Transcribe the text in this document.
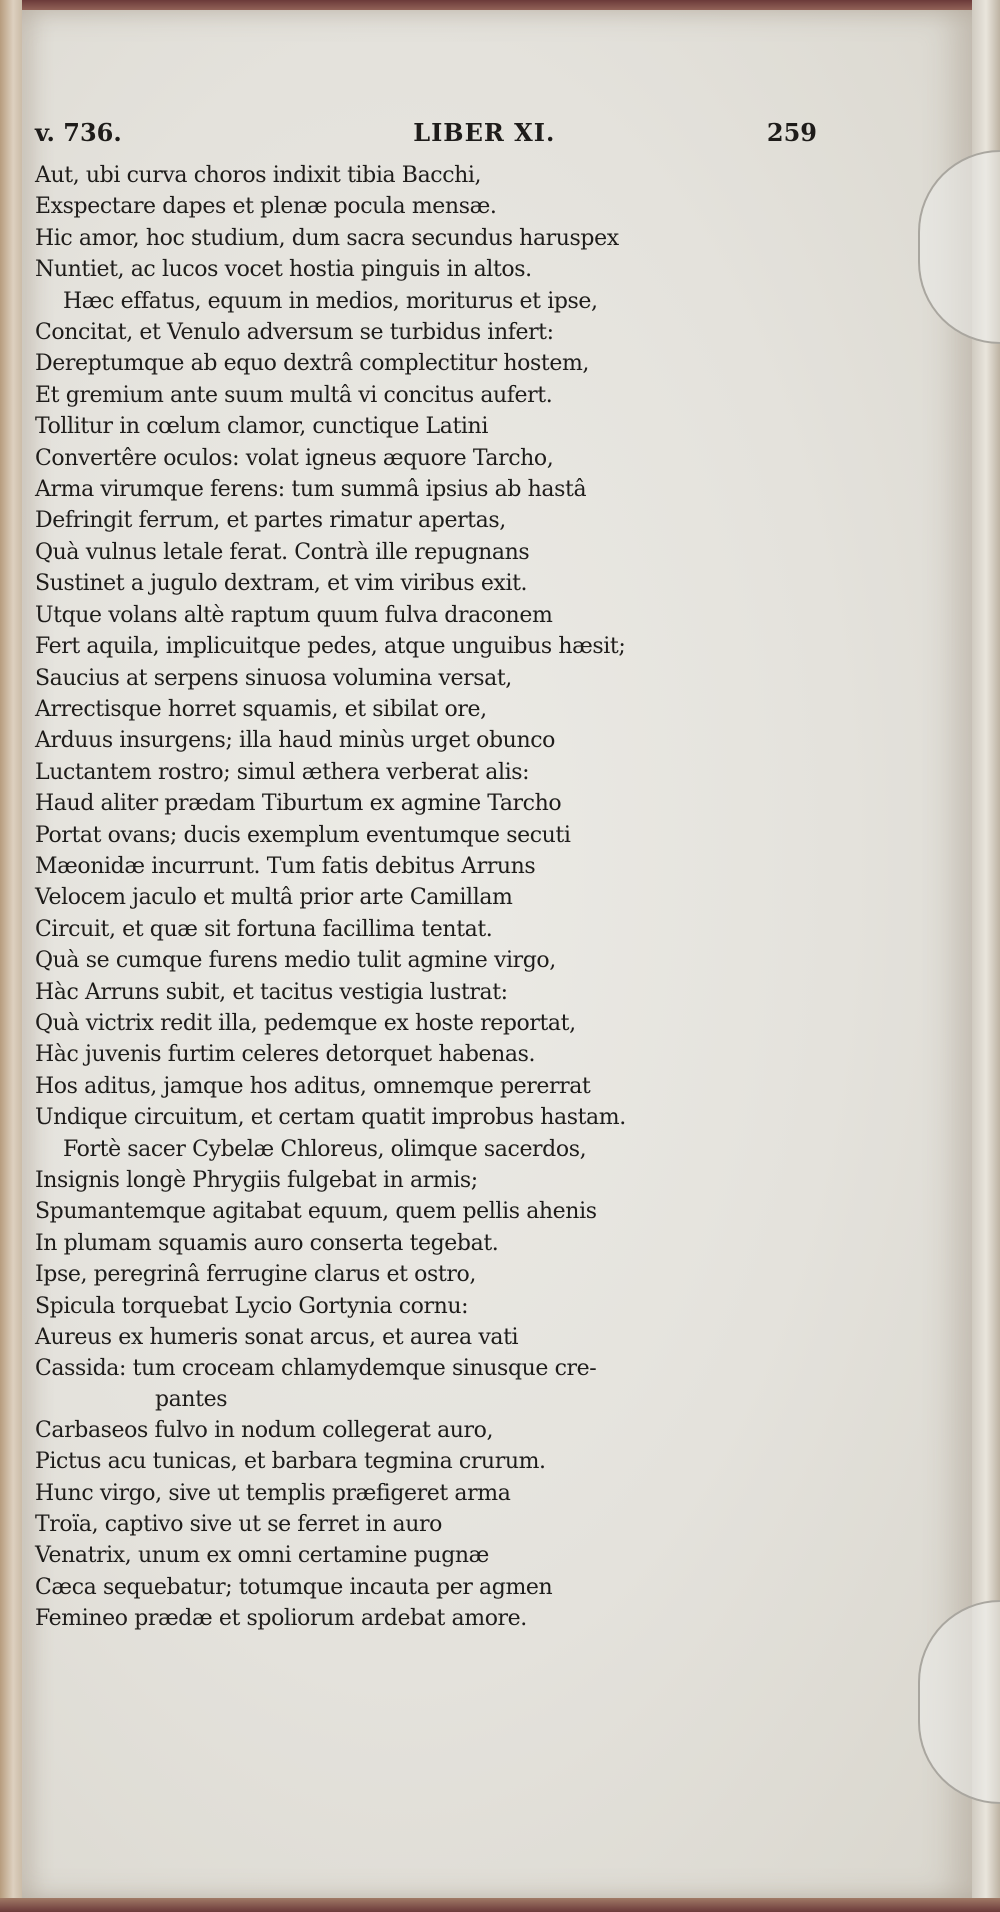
v. 736.	LIBER XI.	259
Aut, ubi curva choros indixit tibia Bacchi,
Exspectare dapes et plenæ pocula mensæ.
Hic amor, hoc studium, dum sacra secundus haruspex
Nuntiet, ac lucos vocet hostia pinguis in altos.
Hæc effatus, equum in medios, moriturus et ipse,
Concitat, et Venulo adversum se turbidus infert:
Dereptumque ab equo dextrâ complectitur hostem,
Et gremium ante suum multâ vi concitus aufert.
Tollitur in cœlum clamor, cunctique Latini
Convertêre oculos: volat igneus æquore Tarcho,
Arma virumque ferens: tum summâ ipsius ab hastâ
Defringit ferrum, et partes rimatur apertas,
Quà vulnus letale ferat. Contrà ille repugnans
Sustinet a jugulo dextram, et vim viribus exit.
Utque volans altè raptum quum fulva draconem
Fert aquila, implicuitque pedes, atque unguibus hæsit;
Saucius at serpens sinuosa volumina versat,
Arrectisque horret squamis, et sibilat ore,
Arduus insurgens; illa haud minùs urget obunco
Luctantem rostro; simul æthera verberat alis:
Haud aliter prædam Tiburtum ex agmine Tarcho
Portat ovans; ducis exemplum eventumque secuti
Mæonidæ incurrunt. Tum fatis debitus Arruns
Velocem jaculo et multâ prior arte Camillam
Circuit, et quæ sit fortuna facillima tentat.
Quà se cumque furens medio tulit agmine virgo,
Hàc Arruns subit, et tacitus vestigia lustrat:
Quà victrix redit illa, pedemque ex hoste reportat,
Hàc juvenis furtim celeres detorquet habenas.
Hos aditus, jamque hos aditus, omnemque pererrat
Undique circuitum, et certam quatit improbus hastam.
Fortè sacer Cybelæ Chloreus, olimque sacerdos,
Insignis longè Phrygiis fulgebat in armis;
Spumantemque agitabat equum, quem pellis ahenis
In plumam squamis auro conserta tegebat.
Ipse, peregrinâ ferrugine clarus et ostro,
Spicula torquebat Lycio Gortynia cornu:
Aureus ex humeris sonat arcus, et aurea vati
Cassida: tum croceam chlamydemque sinusque cre-
pantes
Carbaseos fulvo in nodum collegerat auro,
Pictus acu tunicas, et barbara tegmina crurum.
Hunc virgo, sive ut templis præfigeret arma
Troïa, captivo sive ut se ferret in auro
Venatrix, unum ex omni certamine pugnæ
Cæca sequebatur; totumque incauta per agmen
Femineo prædæ et spoliorum ardebat amore.
